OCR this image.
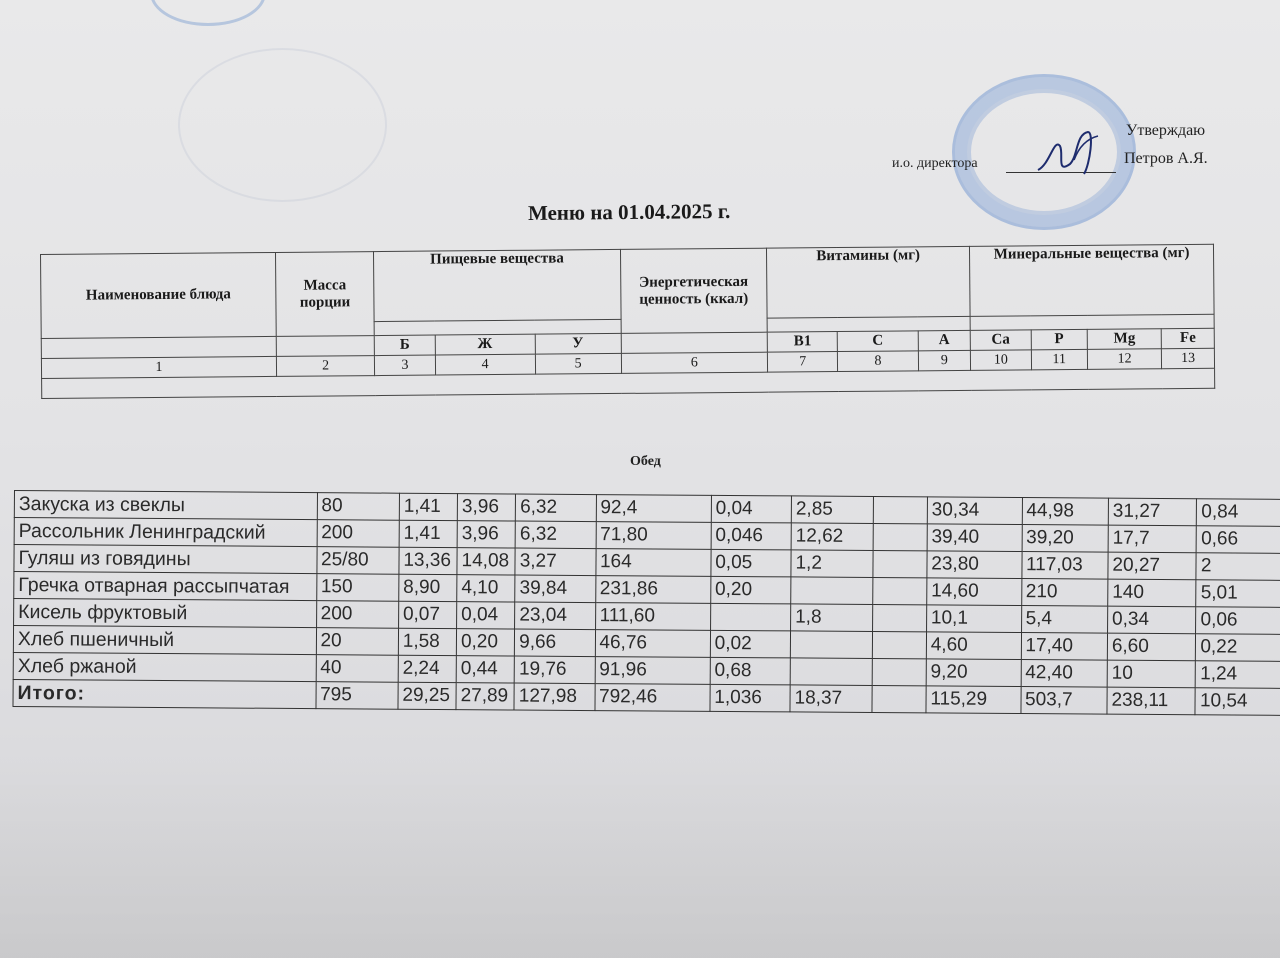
Утверждаю
и.о. директора	Петров А.Я.
Меню на 01.04.2025 г.
Наименование блюда	Масса порции	Пищевые вещества			Энергетическая ценность (ккал)	Витамины (мг)			Минеральные вещества (мг)			

		Б	Ж	У		B1	C	A	Ca	P	Mg	Fe
1	2	3	4	5	6	7	8	9	10	11	12	13

Обед
Закуска из свеклы	80	1,41	3,96	6,32	92,4	0,04	2,85		30,34	44,98	31,27	0,84
Рассольник Ленинградский	200	1,41	3,96	6,32	71,80	0,046	12,62		39,40	39,20	17,7	0,66
Гуляш из говядины	25/80	13,36	14,08	3,27	164	0,05	1,2		23,80	117,03	20,27	2
Гречка отварная рассыпчатая	150	8,90	4,10	39,84	231,86	0,20			14,60	210	140	5,01
Кисель фруктовый	200	0,07	0,04	23,04	111,60		1,8		10,1	5,4	0,34	0,06
Хлеб пшеничный	20	1,58	0,20	9,66	46,76	0,02			4,60	17,40	6,60	0,22
Хлеб ржаной	40	2,24	0,44	19,76	91,96	0,68			9,20	42,40	10	1,24
Итого:	795	29,25	27,89	127,98	792,46	1,036	18,37		115,29	503,7	238,11	10,54
